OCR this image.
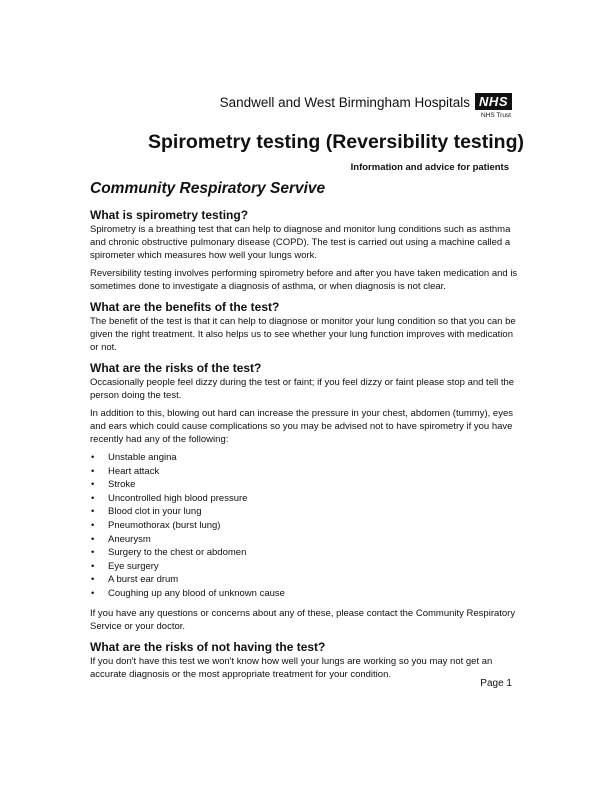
Sandwell and West Birmingham Hospitals NHS
NHS Trust
Spirometry testing (Reversibility testing)
Information and advice for patients
Community Respiratory Servive
What is spirometry testing?

Spirometry is a breathing test that can help to diagnose and monitor lung conditions such as asthma and chronic obstructive pulmonary disease (COPD). The test is carried out using a machine called a spirometer which measures how well your lungs work.

Reversibility testing involves performing spirometry before and after you have taken medication and is sometimes done to investigate a diagnosis of asthma, or when diagnosis is not clear.

What are the benefits of the test?

The benefit of the test is that it can help to diagnose or monitor your lung condition so that you can be given the right treatment. It also helps us to see whether your lung function improves with medication or not.

What are the risks of the test?

Occasionally people feel dizzy during the test or faint; if you feel dizzy or faint please stop and tell the person doing the test.

In addition to this, blowing out hard can increase the pressure in your chest, abdomen (tummy), eyes and ears which could cause complications so you may be advised not to have spirometry if you have recently had any of the following:

• Unstable angina
• Heart attack
• Stroke
• Uncontrolled high blood pressure
• Blood clot in your lung
• Pneumothorax (burst lung)
• Aneurysm
• Surgery to the chest or abdomen
• Eye surgery
• A burst ear drum
• Coughing up any blood of unknown cause

If you have any questions or concerns about any of these, please contact the Community Respiratory Service or your doctor.

What are the risks of not having the test?

If you don't have this test we won't know how well your lungs are working so you may not get an accurate diagnosis or the most appropriate treatment for your condition.

Page 1
